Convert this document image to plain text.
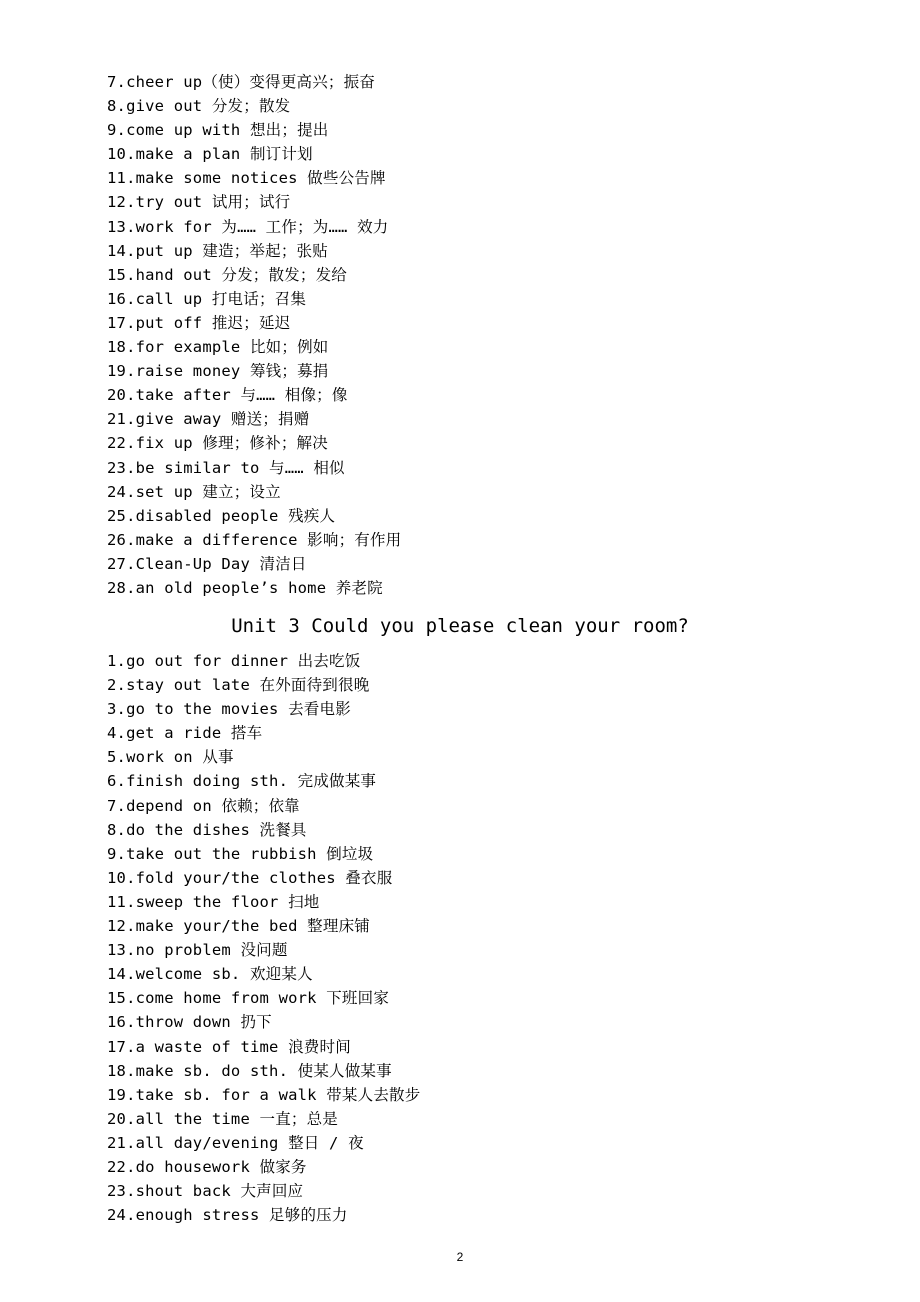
7.cheer up（使）变得更高兴；振奋
8.give out 分发；散发
9.come up with 想出；提出
10.make a plan 制订计划
11.make some notices 做些公告牌
12.try out 试用；试行
13.work for 为…… 工作；为…… 效力
14.put up 建造；举起；张贴
15.hand out 分发；散发；发给
16.call up 打电话；召集
17.put off 推迟；延迟
18.for example 比如；例如
19.raise money 筹钱；募捐
20.take after 与…… 相像；像
21.give away 赠送；捐赠
22.fix up 修理；修补；解决
23.be similar to 与…… 相似
24.set up 建立；设立
25.disabled people 残疾人
26.make a difference 影响；有作用
27.Clean-Up Day 清洁日
28.an old people’s home 养老院
Unit 3 Could you please clean your room?
1.go out for dinner 出去吃饭
2.stay out late 在外面待到很晚
3.go to the movies 去看电影
4.get a ride 搭车
5.work on 从事
6.finish doing sth. 完成做某事
7.depend on 依赖；依靠
8.do the dishes 洗餐具
9.take out the rubbish 倒垃圾
10.fold your/the clothes 叠衣服
11.sweep the floor 扫地
12.make your/the bed 整理床铺
13.no problem 没问题
14.welcome sb. 欢迎某人
15.come home from work 下班回家
16.throw down 扔下
17.a waste of time 浪费时间
18.make sb. do sth. 使某人做某事
19.take sb. for a walk 带某人去散步
20.all the time 一直；总是
21.all day/evening 整日 / 夜
22.do housework 做家务
23.shout back 大声回应
24.enough stress 足够的压力
2
